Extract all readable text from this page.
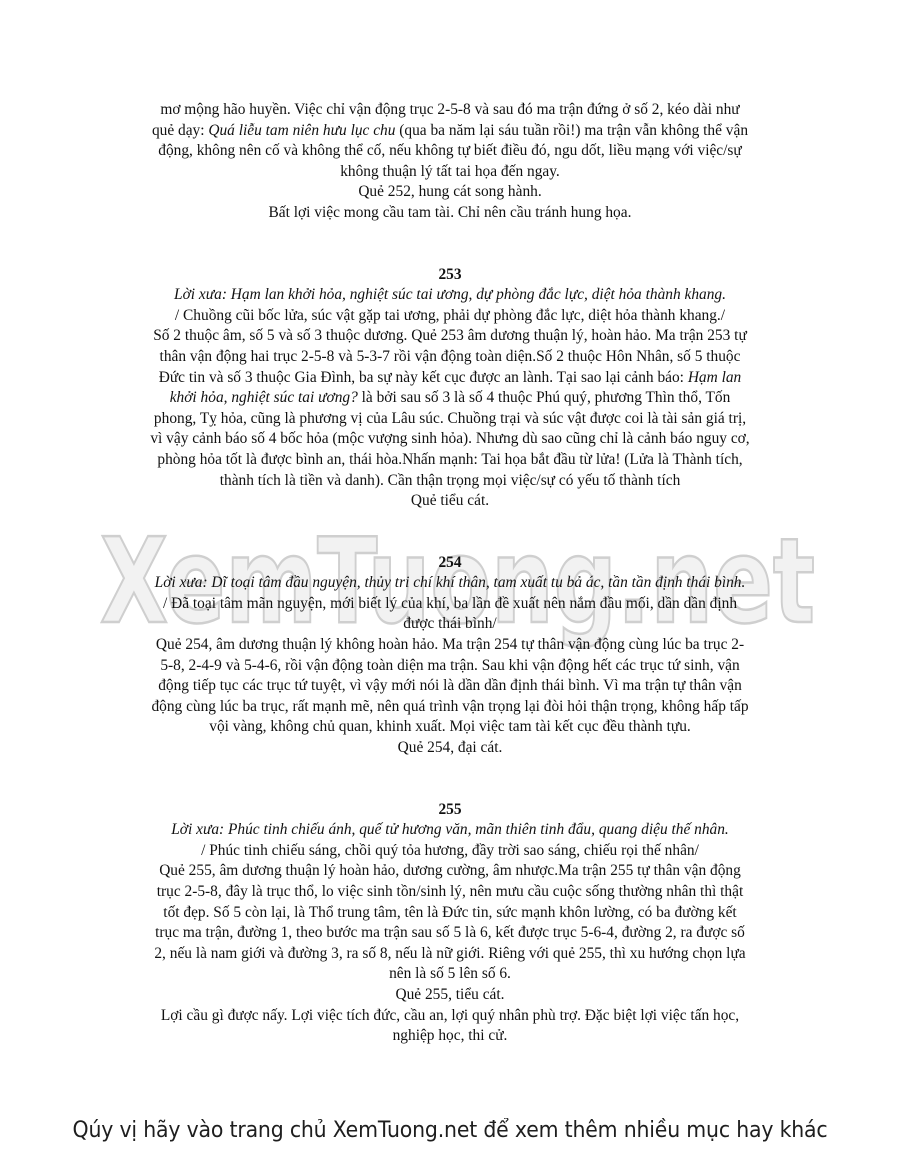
XemTuong.net

mơ mộng hão huyền. Việc chỉ vận động trục 2-5-8 và sau đó ma trận đứng ở số 2, kéo dài như

quẻ dạy: Quá liễu tam niên hưu lục chu (qua ba năm lại sáu tuần rồi!) ma trận vẫn không thể vận

động, không nên cố và không thể cố, nếu không tự biết điều đó, ngu dốt, liều mạng với việc/sự

không thuận lý tất tai họa đến ngay.

Quẻ 252, hung cát song hành.

Bất lợi việc mong cầu tam tài. Chỉ nên cầu tránh hung họa.

253

Lời xưa: Hạm lan khởi hỏa, nghiệt súc tai ương, dự phòng đắc lực, diệt hỏa thành khang.

/ Chuồng cũi bốc lửa, súc vật gặp tai ương, phải dự phòng đắc lực, diệt hỏa thành khang./

Số 2 thuộc âm, số 5 và số 3 thuộc dương. Quẻ 253 âm dương thuận lý, hoàn hảo. Ma trận 253 tự

thân vận động hai trục 2-5-8 và 5-3-7 rồi vận động toàn diện.Số 2 thuộc Hôn Nhân, số 5 thuộc

Đức tin và số 3 thuộc Gia Đình, ba sự này kết cục được an lành. Tại sao lại cảnh báo: Hạm lan

khởi hỏa, nghiệt súc tai ương? là bởi sau số 3 là số 4 thuộc Phú quý, phương Thìn thổ, Tốn

phong, Tỵ hỏa, cũng là phương vị của Lâu súc. Chuồng trại và súc vật được coi là tài sản giá trị,

vì vậy cảnh báo số 4 bốc hỏa (mộc vượng sinh hỏa). Nhưng dù sao cũng chỉ là cảnh báo nguy cơ,

phòng hỏa tốt là được bình an, thái hòa.Nhấn mạnh: Tai họa bắt đầu từ lửa! (Lửa là Thành tích,

thành tích là tiền và danh). Cần thận trọng mọi việc/sự có yếu tố thành tích

Quẻ tiểu cát.

254

Lời xưa: Dĩ toại tâm đầu nguyện, thủy tri chí khí thân, tam xuất tu bả ác, tần tần định thái bình.

/ Đã toại tâm mãn nguyện, mới biết lý của khí, ba lần đề xuất nên nắm đầu mối, dần dần định

được thái bình/

Quẻ 254, âm dương thuận lý không hoàn hảo. Ma trận 254 tự thân vận động cùng lúc ba trục 2-

5-8, 2-4-9 và 5-4-6, rồi vận động toàn diện ma trận. Sau khi vận động hết các trục tứ sinh, vận

động tiếp tục các trục tứ tuyệt, vì vậy mới nói là dần dần định thái bình. Vì ma trận tự thân vận

động cùng lúc ba trục, rất mạnh mẽ, nên quá trình vận trọng lại đòi hỏi thận trọng, không hấp tấp

vội vàng, không chủ quan, khinh xuất. Mọi việc tam tài kết cục đều thành tựu.

Quẻ 254, đại cát.

255

Lời xưa: Phúc tinh chiếu ánh, quế tử hương văn, mãn thiên tinh đẩu, quang diệu thế nhân.

/ Phúc tinh chiếu sáng, chồi quý tỏa hương, đầy trời sao sáng, chiếu rọi thế nhân/

Quẻ 255, âm dương thuận lý hoàn hảo, dương cường, âm nhược.Ma trận 255 tự thân vận động

trục 2-5-8, đây là trục thổ, lo việc sinh tồn/sinh lý, nên mưu cầu cuộc sống thường nhân thì thật

tốt đẹp. Số 5 còn lại, là Thổ trung tâm, tên là Đức tin, sức mạnh khôn lường, có ba đường kết

trục ma trận, đường 1, theo bước ma trận sau số 5 là 6, kết được trục 5-6-4, đường 2, ra được số

2, nếu là nam giới và đường 3, ra số 8, nếu là nữ giới. Riêng với quẻ 255, thì xu hướng chọn lựa

nên là số 5 lên số 6.

Quẻ 255, tiểu cát.

Lợi cầu gì được nấy. Lợi việc tích đức, cầu an, lợi quý nhân phù trợ. Đặc biệt lợi việc tấn học,

nghiệp học, thi cử.

Qúy vị hãy vào trang chủ XemTuong.net để xem thêm nhiều mục hay khác
